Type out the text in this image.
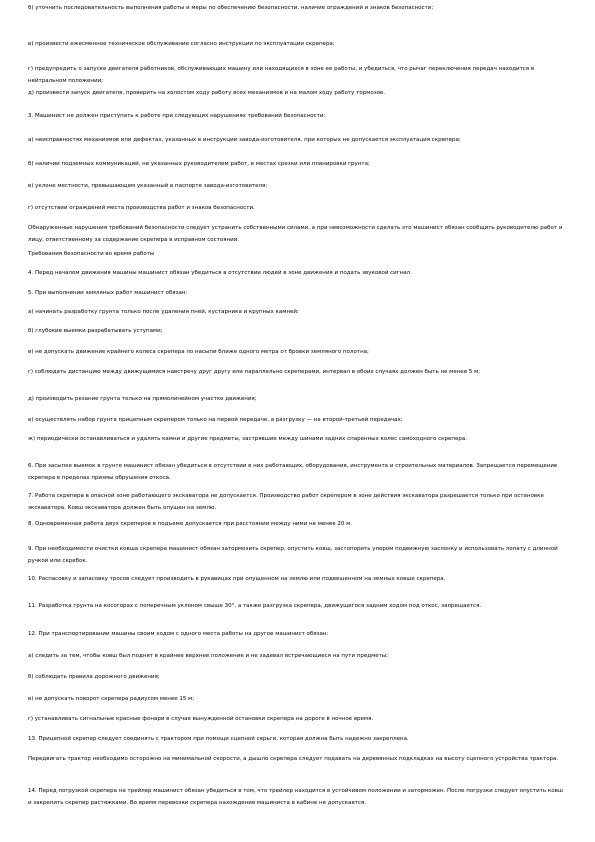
б) уточнить последовательность выполнения работы и меры по обеспечению безопасности, наличие ограждений и знаков безопасности;

в) произвести ежесменное техническое обслуживание согласно инструкции по эксплуатации скрепера;

г) предупредить о запуске двигателя работников, обслуживающих машину или находящихся в зоне ее работы, и убедиться, что рычаг переключения передач находится в нейтральном положении;

д) произвести запуск двигателя, проверить на холостом ходу работу всех механизмов и на малом ходу работу тормозов.

3. Машинист не должен приступать к работе при следующих нарушениях требований безопасности:

а) неисправностях механизмов или дефектах, указанных в инструкции завода-изготовителя, при которых не допускается эксплуатация скрепера;

б) наличии подземных коммуникаций, не указанных руководителем работ, в местах срезки или планировки грунта;

в) уклоне местности, превышающем указанный в паспорте завода-изготовителя;

г) отсутствии ограждений места производства работ и знаков безопасности.

Обнаруженные нарушения требований безопасности следует устранить собственными силами, а при невозможности сделать это машинист обязан сообщить руководителю работ и лицу, ответственному за содержание скрепера в исправном состоянии.

Требования безопасности во время работы

4. Перед началом движения машины машинист обязан убедиться в отсутствии людей в зоне движения и подать звуковой сигнал.

5. При выполнении земляных работ машинист обязан:

а) начинать разработку грунта только после удаления пней, кустарника и крупных камней;

б) глубокие выемки разрабатывать уступами;

в) не допускать движение крайнего колеса скрепера по насыпи ближе одного метра от бровки земляного полотна;

г) соблюдать дистанцию между движущимися навстречу друг другу или параллельно скреперами, интервал в обоих случаях должен быть не менее 5 м;

д) производить резание грунта только на прямолинейном участке движения;

е) осуществлять набор грунта прицепным скрепером только на первой передаче, а разгрузку — на второй-третьей передачах;

ж) периодически останавливаться и удалять камни и другие предметы, застрявшие между шинами задних спаренных колес самоходного скрепера.

6. При засыпке выемок в грунте машинист обязан убедиться в отсутствии в них работающих, оборудования, инструмента и строительных материалов. Запрещается перемещение скрепера в пределах призмы обрушения откоса.

7. Работа скрепера в опасной зоне работающего экскаватора не допускается. Производство работ скрепером в зоне действия экскаватора разрешается только при остановке экскаватора. Ковш экскаватора должен быть опущен на землю.

8. Одновременная работа двух скреперов в подъеме допускается при расстоянии между ними не менее 20 м.

9. При необходимости очистки ковша скрепера машинист обязан затормозить скрепер, опустить ковш, застопорить упором подвижную заслонку и использовать лопату с длинной ручкой или скребок.

10. Распасовку и запасовку тросов следует производить в рукавицах при опущенном на землю или подвешенном на земных ковше скрепера.

11. Разработка грунта на косогорах с поперечным уклоном свыше 30°, а также разгрузка скрепера, движущегося задним ходом под откос, запрещается.

12. При транспортировании машины своим ходом с одного места работы на другое машинист обязан:

а) следить за тем, чтобы ковш был поднят в крайнее верхнее положение и не задевал встречающиеся на пути предметы;

б) соблюдать правила дорожного движения;

в) не допускать поворот скрепера радиусом менее 15 м;

г) устанавливать сигнальные красные фонари в случае вынужденной остановки скрепера на дороге в ночное время.

13. Прицепной скрепер следует соединять с трактором при помощи сцепной серьги, которая должна быть надежно закреплена.

Передвигать трактор необходимо осторожно на минимальной скорости, а дышло скрепера следует подавать на деревянных подкладках на высоту сцепного устройства трактора.

14. Перед погрузкой скрепера на трейлер машинист обязан убедиться в том, что трейлер находится в устойчивом положении и заторможен. После погрузки следует опустить ковш и закрепить скрепер растяжками. Во время перевозки скрепера нахождение машиниста в кабине не допускается.
